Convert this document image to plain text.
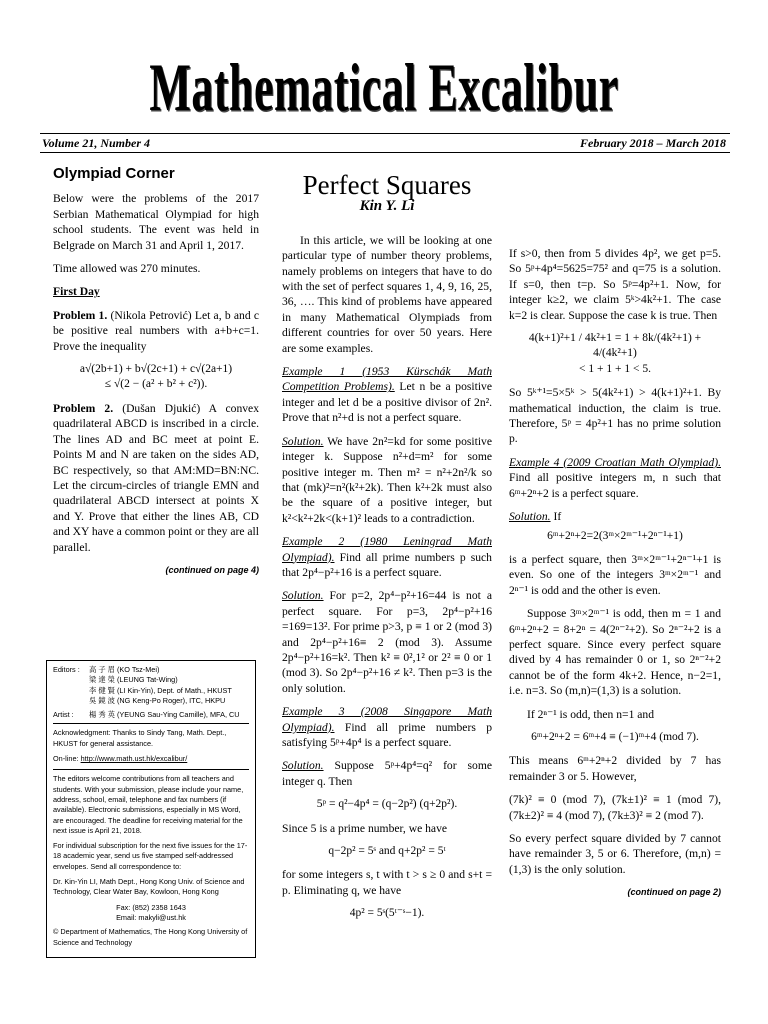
Mathematical Excalibur
Volume 21, Number 4	February 2018 – March 2018
Olympiad Corner

Below were the problems of the 2017 Serbian Mathematical Olympiad for high school students. The event was held in Belgrade on March 31 and April 1, 2017.

Time allowed was 270 minutes.

First Day

Problem 1. (Nikola Petrović) Let a, b and c be positive real numbers with a+b+c=1. Prove the inequality

a√(2b+1) + b√(2c+1) + c√(2a+1)

≤ √(2 − (a² + b² + c²)).

Problem 2. (Dušan Djukić) A convex quadrilateral ABCD is inscribed in a circle. The lines AD and BC meet at point E. Points M and N are taken on the sides AD, BC respectively, so that AM:MD=BN:NC. Let the circum-circles of triangle EMN and quadrilateral ABCD intersect at points X and Y. Prove that either the lines AB, CD and XY have a common point or they are all parallel.

(continued on page 4)

Editors :	高 子 眉 (KO Tsz-Mei)
梁 達 榮 (LEUNG Tat-Wing)
李 健 賢 (LI Kin-Yin), Dept. of Math., HKUST
吳 鏡 波 (NG Keng-Po Roger), ITC, HKPU
Artist :	楊 秀 英 (YEUNG Sau-Ying Camille), MFA, CU

Acknowledgment: Thanks to Sindy Tang, Math. Dept., HKUST for general assistance.

On-line: http://www.math.ust.hk/excalibur/

The editors welcome contributions from all teachers and students. With your submission, please include your name, address, school, email, telephone and fax numbers (if available). Electronic submissions, especially in MS Word, are encouraged. The deadline for receiving material for the next issue is April 21, 2018.

For individual subscription for the next five issues for the 17-18 academic year, send us five stamped self-addressed envelopes. Send all correspondence to:

Dr. Kin-Yin LI, Math Dept., Hong Kong Univ. of Science and Technology, Clear Water Bay, Kowloon, Hong Kong

Fax: (852) 2358 1643
Email: makyli@ust.hk

© Department of Mathematics, The Hong Kong University of Science and Technology

Perfect Squares
Kin Y. Li

In this article, we will be looking at one particular type of number theory problems, namely problems on integers that have to do with the set of perfect squares 1, 4, 9, 16, 25, 36, …. This kind of problems have appeared in many Mathematical Olympiads from different countries for over 50 years. Here are some examples.

Example 1 (1953 Kürschák Math Competition Problems). Let n be a positive integer and let d be a positive divisor of 2n². Prove that n²+d is not a perfect square.

Solution. We have 2n²=kd for some positive integer k. Suppose n²+d=m² for some positive integer m. Then m² = n²+2n²/k so that (mk)²=n²(k²+2k). Then k²+2k must also be the square of a positive integer, but k²<k²+2k<(k+1)² leads to a contradiction.

Example 2 (1980 Leningrad Math Olympiad). Find all prime numbers p such that 2p⁴−p²+16 is a perfect square.

Solution. For p=2, 2p⁴−p²+16=44 is not a perfect square. For p=3, 2p⁴−p²+16 =169=13². For prime p>3, p ≡ 1 or 2 (mod 3) and 2p⁴−p²+16≡ 2 (mod 3). Assume 2p⁴−p²+16=k². Then k² ≡ 0²,1² or 2² ≡ 0 or 1 (mod 3). So 2p⁴−p²+16 ≠ k². Then p=3 is the only solution.

Example 3 (2008 Singapore Math Olympiad). Find all prime numbers p satisfying 5ᵖ+4p⁴ is a perfect square.

Solution. Suppose 5ᵖ+4p⁴=q² for some integer q. Then

5ᵖ = q²−4p⁴ = (q−2p²) (q+2p²).

Since 5 is a prime number, we have

q−2p² = 5ˢ and q+2p² = 5ᵗ

for some integers s, t with t > s ≥ 0 and s+t = p. Eliminating q, we have

4p² = 5ˢ(5ᵗ⁻ˢ−1).

If s>0, then from 5 divides 4p², we get p=5. So 5ᵖ+4p⁴=5625=75² and q=75 is a solution. If s=0, then t=p. So 5ᵖ=4p²+1. Now, for integer k≥2, we claim 5ᵏ>4k²+1. The case k=2 is clear. Suppose the case k is true. Then

4(k+1)²+1 / 4k²+1 = 1 + 8k/(4k²+1) + 4/(4k²+1)

< 1 + 1 + 1 < 5.

So 5ᵏ⁺¹=5×5ᵏ > 5(4k²+1) > 4(k+1)²+1. By mathematical induction, the claim is true. Therefore, 5ᵖ = 4p²+1 has no prime solution p.

Example 4 (2009 Croatian Math Olympiad). Find all positive integers m, n such that 6ᵐ+2ⁿ+2 is a perfect square.

Solution. If

6ᵐ+2ⁿ+2=2(3ᵐ×2ᵐ⁻¹+2ⁿ⁻¹+1)

is a perfect square, then 3ᵐ×2ᵐ⁻¹+2ⁿ⁻¹+1 is even. So one of the integers 3ᵐ×2ᵐ⁻¹ and 2ⁿ⁻¹ is odd and the other is even.

Suppose 3ᵐ×2ᵐ⁻¹ is odd, then m = 1 and 6ᵐ+2ⁿ+2 = 8+2ⁿ = 4(2ⁿ⁻²+2). So 2ⁿ⁻²+2 is a perfect square. Since every perfect square dived by 4 has remainder 0 or 1, so 2ⁿ⁻²+2 cannot be of the form 4k+2. Hence, n−2=1, i.e. n=3. So (m,n)=(1,3) is a solution.

If 2ⁿ⁻¹ is odd, then n=1 and

6ᵐ+2ⁿ+2 = 6ᵐ+4 ≡ (−1)ᵐ+4 (mod 7).

This means 6ᵐ+2ⁿ+2 divided by 7 has remainder 3 or 5. However,

(7k)² ≡ 0 (mod 7), (7k±1)² ≡ 1 (mod 7), (7k±2)² ≡ 4 (mod 7), (7k±3)² ≡ 2 (mod 7).

So every perfect square divided by 7 cannot have remainder 3, 5 or 6. Therefore, (m,n) = (1,3) is the only solution.

(continued on page 2)
